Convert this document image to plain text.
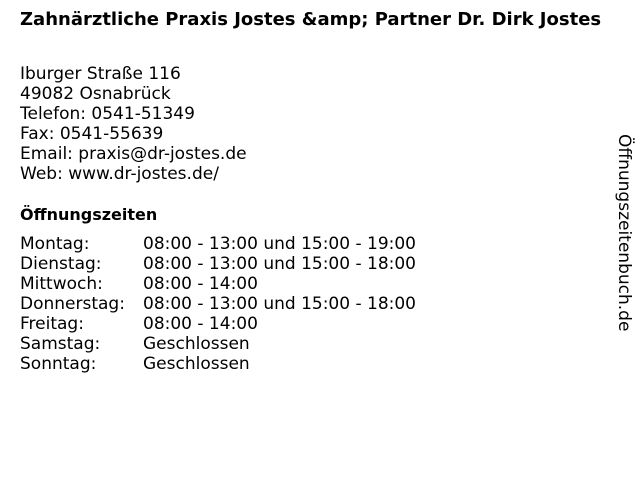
Zahnärztliche Praxis Jostes &amp; Partner Dr. Dirk Jostes
Iburger Straße 116
49082 Osnabrück
Telefon: 0541-51349
Fax: 0541-55639
Email: praxis@dr-jostes.de
Web: www.dr-jostes.de/
Öffnungszeiten
Montag:	08:00 - 13:00 und 15:00 - 19:00
Dienstag:	08:00 - 13:00 und 15:00 - 18:00
Mittwoch:	08:00 - 14:00
Donnerstag:	08:00 - 13:00 und 15:00 - 18:00
Freitag:	08:00 - 14:00
Samstag:	Geschlossen
Sonntag:	Geschlossen
Öffnungszeitenbuch.de
